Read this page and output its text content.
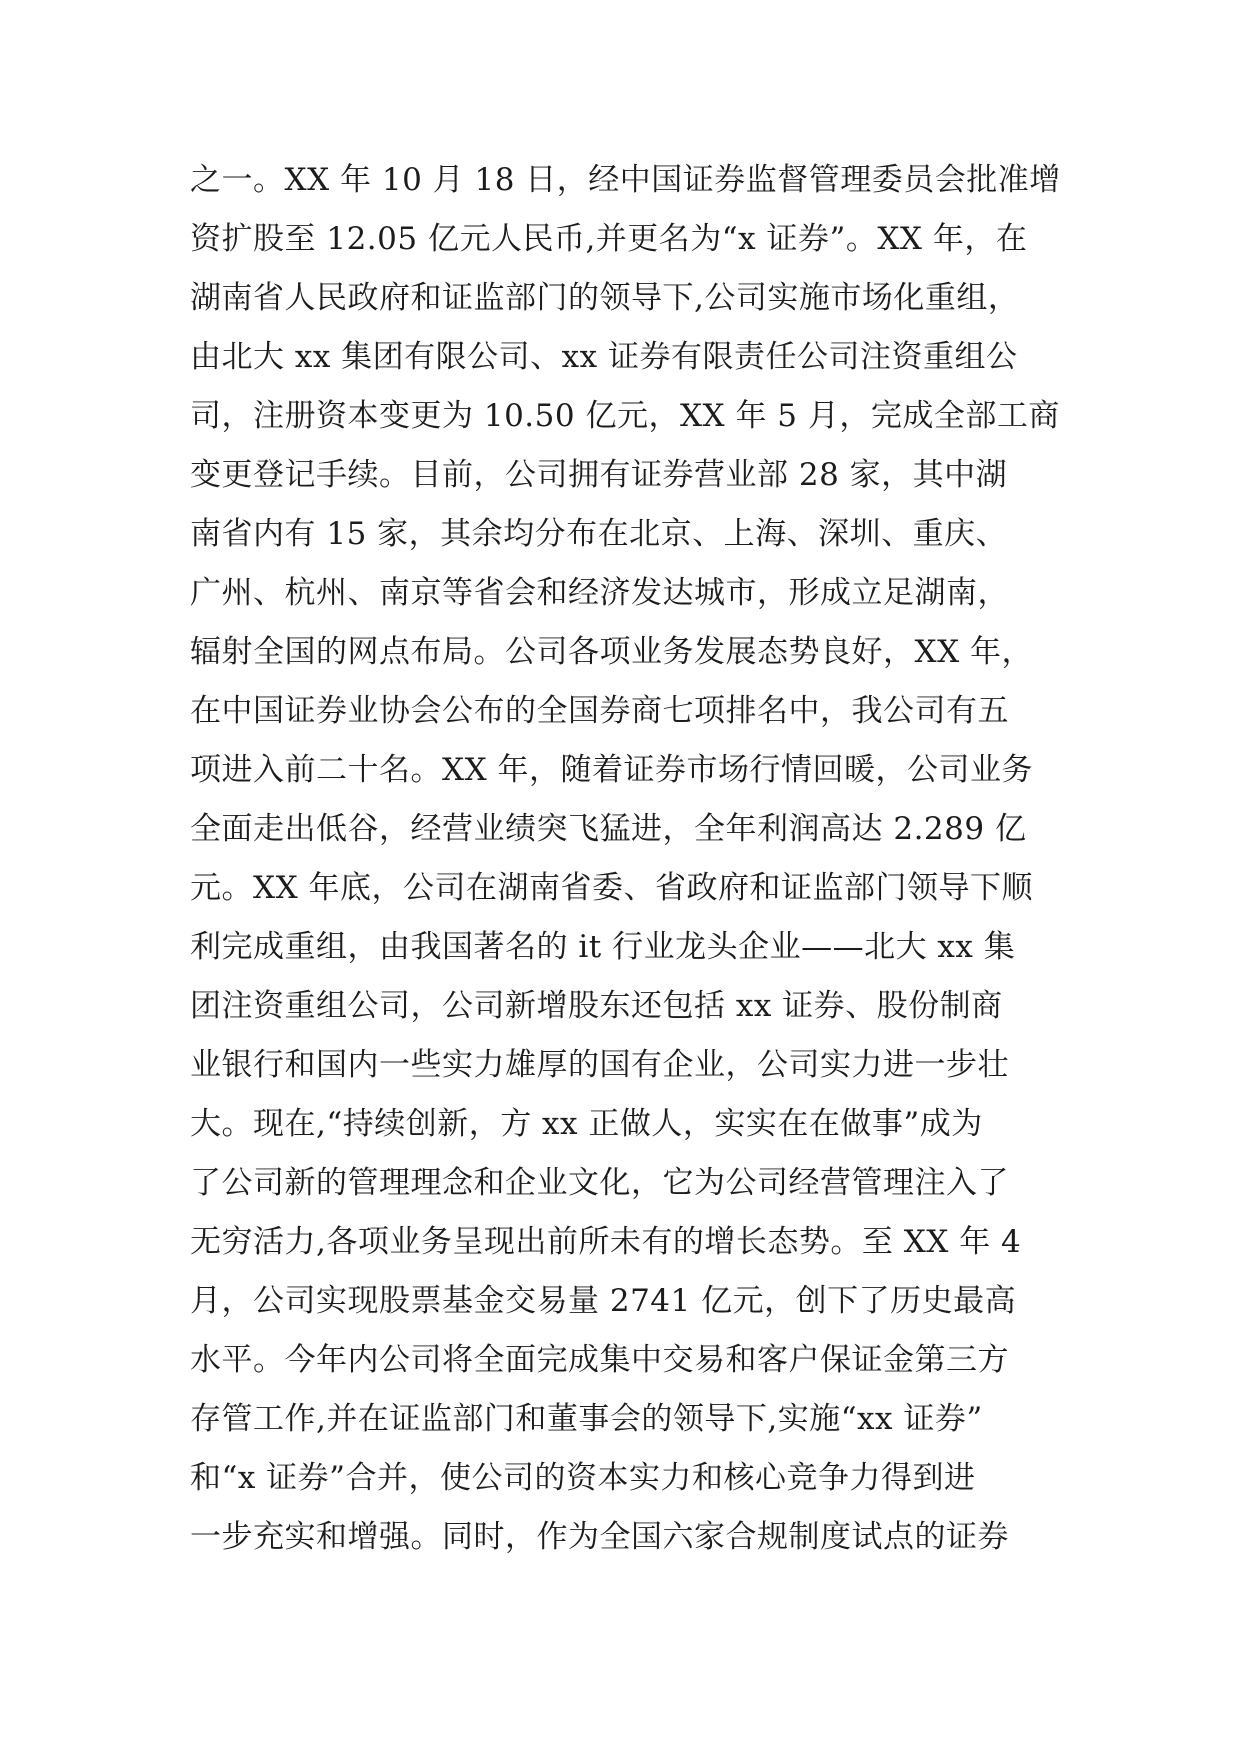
之一。XX 年 10 月 18 日，经中国证券监督管理委员会批准增
资扩股至 12.05 亿元人民币,并更名为“x 证券”。XX 年，在
湖南省人民政府和证监部门的领导下,公司实施市场化重组，
由北大 xx 集团有限公司、xx 证券有限责任公司注资重组公
司，注册资本变更为 10.50 亿元，XX 年 5 月，完成全部工商
变更登记手续。目前，公司拥有证券营业部 28 家，其中湖
南省内有 15 家，其余均分布在北京、上海、深圳、重庆、
广州、杭州、南京等省会和经济发达城市，形成立足湖南，
辐射全国的网点布局。公司各项业务发展态势良好，XX 年，
在中国证券业协会公布的全国券商七项排名中，我公司有五
项进入前二十名。XX 年，随着证券市场行情回暖，公司业务
全面走出低谷，经营业绩突飞猛进，全年利润高达 2.289 亿
元。XX 年底，公司在湖南省委、省政府和证监部门领导下顺
利完成重组，由我国著名的 it 行业龙头企业——北大 xx 集
团注资重组公司，公司新增股东还包括 xx 证券、股份制商
业银行和国内一些实力雄厚的国有企业，公司实力进一步壮
大。现在,“持续创新，方 xx 正做人，实实在在做事”成为
了公司新的管理理念和企业文化，它为公司经营管理注入了
无穷活力,各项业务呈现出前所未有的增长态势。至 XX 年 4
月，公司实现股票基金交易量 2741 亿元，创下了历史最高
水平。今年内公司将全面完成集中交易和客户保证金第三方
存管工作,并在证监部门和董事会的领导下,实施“xx 证券”
和“x 证券”合并，使公司的资本实力和核心竞争力得到进
一步充实和增强。同时，作为全国六家合规制度试点的证券
